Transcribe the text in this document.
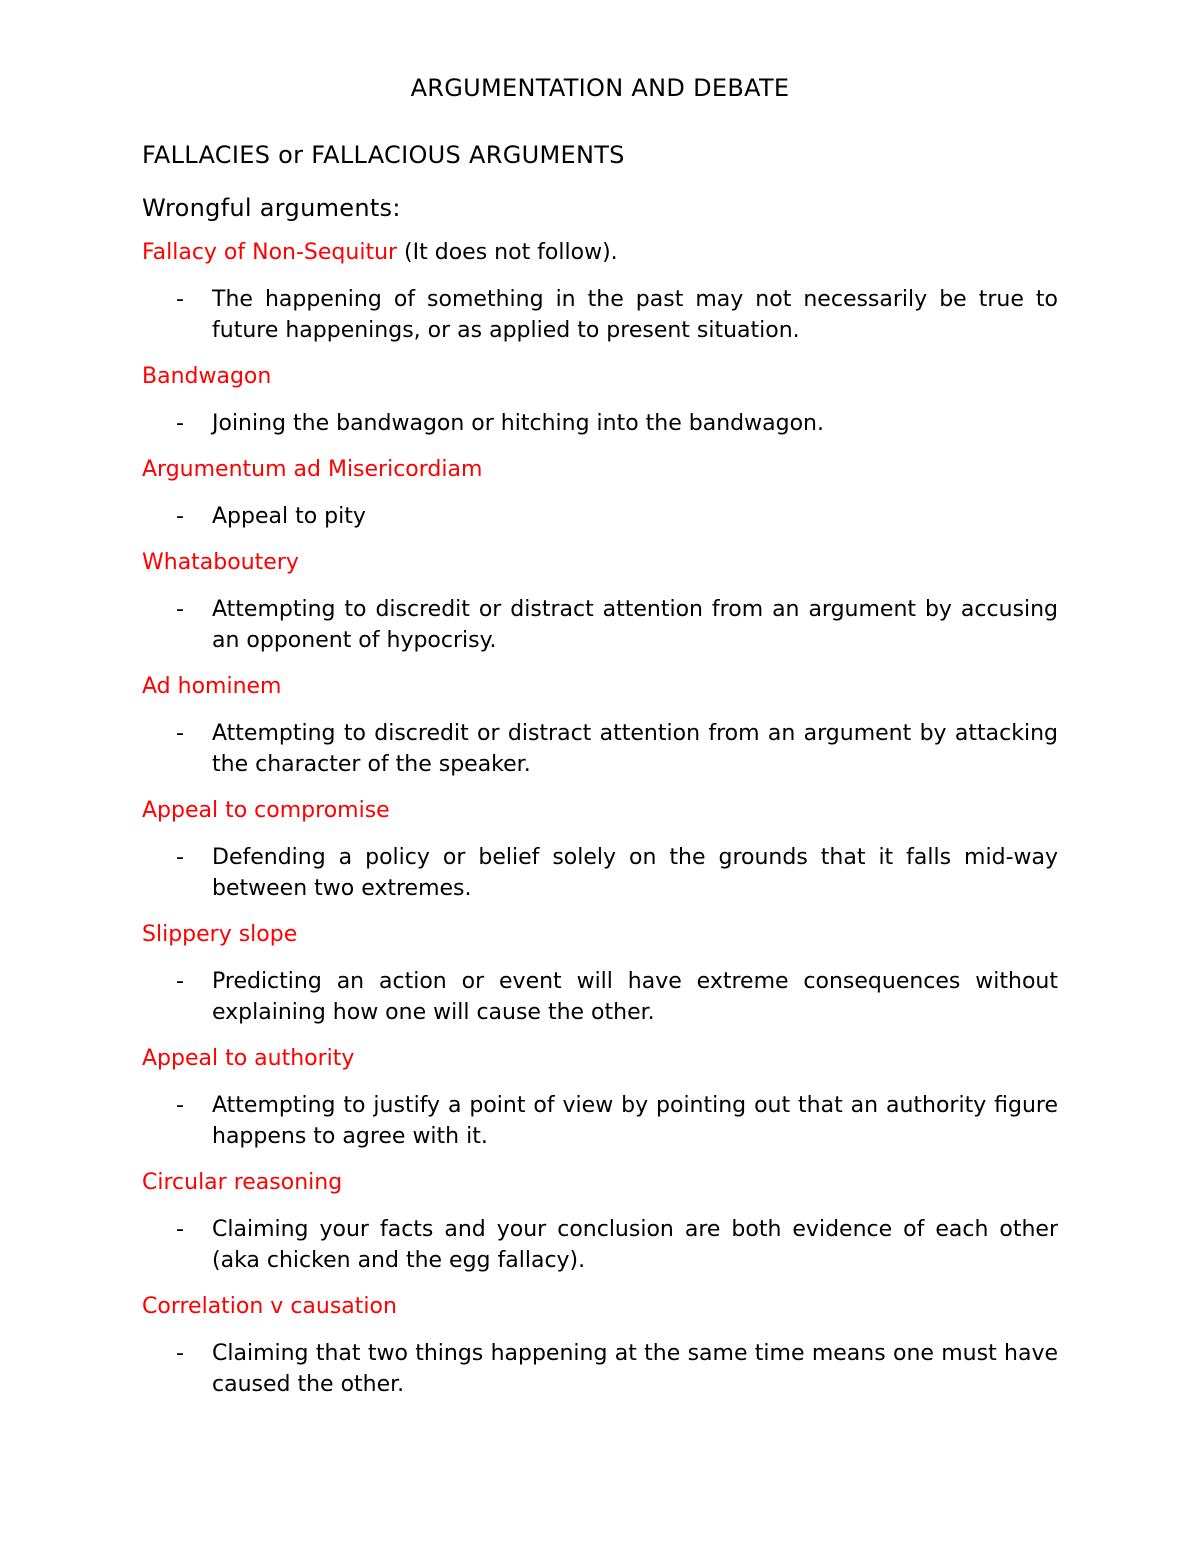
ARGUMENTATION AND DEBATE
FALLACIES or FALLACIOUS ARGUMENTS
Wrongful arguments:
Fallacy of Non-Sequitur (It does not follow).
- The happening of something in the past may not necessarily be true to future happenings, or as applied to present situation.
Bandwagon
- Joining the bandwagon or hitching into the bandwagon.
Argumentum ad Misericordiam
- Appeal to pity
Whataboutery
- Attempting to discredit or distract attention from an argument by accusing an opponent of hypocrisy.
Ad hominem
- Attempting to discredit or distract attention from an argument by attacking the character of the speaker.
Appeal to compromise
- Defending a policy or belief solely on the grounds that it falls mid-way between two extremes.
Slippery slope
- Predicting an action or event will have extreme consequences without explaining how one will cause the other.
Appeal to authority
- Attempting to justify a point of view by pointing out that an authority figure happens to agree with it.
Circular reasoning
- Claiming your facts and your conclusion are both evidence of each other (aka chicken and the egg fallacy).
Correlation v causation
- Claiming that two things happening at the same time means one must have caused the other.
